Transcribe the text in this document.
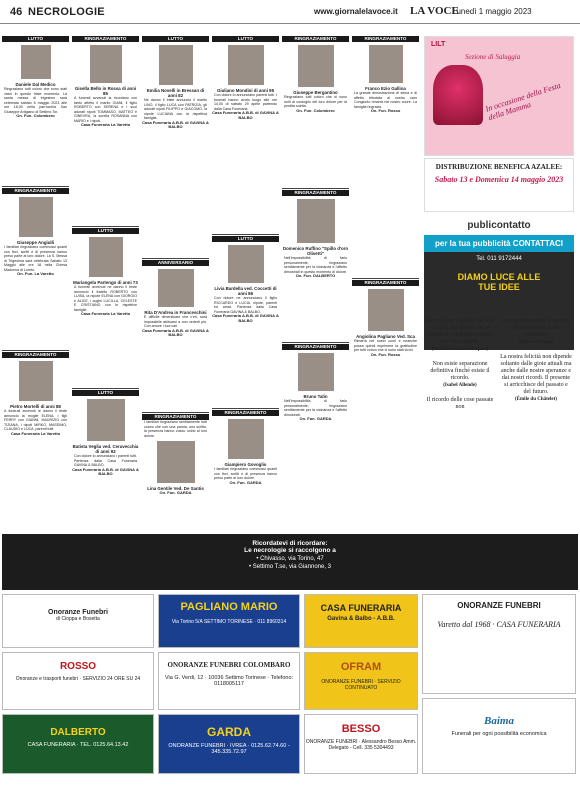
46 NECROLOGIE	www.giornalelavoce.it LA VOCE
Lunedì 1 maggio 2023
LUTTO
Daniele Dal Medico
Ringraziano tutti coloro che sono stati vicini in questo triste momento. La santa messa di trigesimo sarà celebrata sabato 6 maggio 2023 alle ore 18,00 nella parrocchia San Giuseppe Artigiano di Settimo Tor.
On. Fun. Colombero
RINGRAZIAMENTO
Giuseppe Angiulli
I familiari ringraziano commossi quanti con fiori, scritti e di presenza hanno preso parte al loro dolore. La S. Messa di Trigesima sarà celebrata Sabato 13 Maggio alle ore 18 nella Chiesa Madonna di Loreto.
On. Fun. La Varetto
RINGRAZIAMENTO
Pietro Mortelli di anni 88
A funerali avvenuti le danno il triste annuncio la moglie ELENA, i figli FERRY con GIANNI, MAURIZIO con TIZIANA, i nipoti MIRKO, MASSIMO, CLAUDIO e LUCA, parenti tutti.
Casa Funeraria La Varetto
RINGRAZIAMENTO
Gisella Bello in Rossa di anni 85
A funerali avvenuti la ricordano con tanto affetto il marito GIANI, il figlio ROBERTO con SERENA e i suoi adorati nipoti TOMMASO, MATTEO e GINEVRA, la sorella ROSANNA con MARIO e i nipoti.
Casa Funeraria La Varetto
LUTTO
Mariangela Partengo di anni 73
A funerali avvenuti ne danno il triste annuncio il fratello ROBERTO con LUISA, la nipote ELENA con GIORGIO e ALICE, i cugini LUCILLA, CELESTE E CRISTIANO con le rispettive famiglie.
Casa Funeraria La Varetto
LUTTO
Batista Veglia ved. Ceravecchia di anni 93
Con dolore lo annunciano i parenti tutti. Partenza dalla Casa Funeraria GAVINA & BALBO.
Casa Funeraria A.B.B. di GAVINA & BALBO
LUTTO
Emilia Novelli in Bressan di anni 82
Ne danno il triste annuncio il marito LINO, il figlio LUCA con PATRIZIA, gli adorati nipoti FILIPPO e GIACOMO, la nipote LUCIANA con la rispettiva famiglia.
Casa Funeraria A.B.B. di GAVINA & BALBO
ANNIVERSARIO
Rita D'Andrea in Franceschini
È difficile dimenticare che c'eri, sarà impossibile abituarsi a non vederti più. Con amore i tuoi cari.
Casa Funeraria A.B.B. di GAVINA & BALBO
RINGRAZIAMENTO
I familiari ringraziano sentitamente tutti coloro che con una parola, uno scritto, la presenza hanno voluto unirsi al loro dolore.
Lina Gentile Ved. De Santis
On. Fun. GARDA
LUTTO
Giuliano Mondini di anni 95
Con dolore lo annunciano parenti tutti. I funerali hanno avuto luogo alle ore 14,00 di sabato 29 aprile partendo dalla Casa Funeraria.
Casa Funeraria A.B.B. di GAVINA & BALBO
LUTTO
Livia Bardella ved. Coccetti di anni 86
Con dolore ne annunciano il figlio RICCARDO e LUCIA, nipote, parenti ed amici. Partenza dalla Casa Funeraria GAVINA & BALBO.
Casa Funeraria A.B.B. di GAVINA & BALBO
RINGRAZIAMENTO
Giampiero Govoglio
I familiari ringraziano commossi quanti con fiori, scritti e di presenza hanno preso parte al loro dolore.
On. Fun. GARDA
RINGRAZIAMENTO
Giuseppe Bergantino
Ringraziano tutti coloro che si sono uniti al cordoglio del loro dolore per la perdita subita.
On. Fun. Colombero
RINGRAZIAMENTO
Domenico Ruffino "Spillo d'oro Olivetti"
Nell'impossibilità di farlo personalmente, ringraziano sentitamente per la vicinanza e l'affetto dimostrati in questo momento di dolore.
On. Fun. DALBERTO
RINGRAZIAMENTO
Bruno Talin
Nell'impossibilità di farlo personalmente, ringraziano sentitamente per la vicinanza e l'affetto dimostrati.
On. Fun. GARDA
RINGRAZIAMENTO
Franco Ezio Gallina
La grande dimostrazione di stima e di affetto tributata al nostro caro Congiunto rimarrà nel nostro cuore. La famiglia ringrazia.
On. Fun. Rosso
RINGRAZIAMENTO
Angiolina Pagliano Ved. Sca
Rimarrà nei nostri cuori e neanche possa quindi esprimere la gratitudine per tutti coloro che ci sono stati vicini.
On. Fun. Rosso
LILT
Sezione di Saluggia
In occasione della Festa della Mamma
DISTRIBUZIONE BENEFICA AZALEE:
Sabato 13 e Domenica 14 maggio 2023
publicontatto
per la tua pubblicità CONTATTACI
Tel. 011 9172444
DIAMO LUCE ALLE TUE IDEE
La vita non è quella che si è vissuta, ma quella che si ricorda e come la si ricorda per raccontarla.
(Gabriel García Márquez)
Non esiste separazione definitiva finché esiste il ricordo.
(Isabel Allende)
Il ricordo delle cose passate non
è necessariamente il ricordo di come siano state veramente.
(Marcel Proust)
La nostra felicità non dipende soltanto dalle gioie attuali ma anche dalle nostre speranze e dai nostri ricordi. Il presente si arricchisce del passato e del futuro.
(Émile du Châtelet)
Ricordatevi di ricordare:
Le necrologie si raccolgono a
• Chivasso, via Torino, 47
• Settimo T.se, via Giannone, 3
Onoranze Funebri
di Cioppa e Bosetta
PAGLIANO MARIO
Via Torino 5/A SETTIMO TORINESE · 011 8960314
CASA FUNERARIA
Gavina & Balbo - A.B.B.
ONORANZE FUNEBRI
Varetto dal 1968 · CASA FUNERARIA
ROSSO
Onoranze e trasporti funebri · SERVIZIO 24 ORE SU 24
ONORANZE FUNEBRI COLOMBARO
Via G. Verdi, 12 · 10036 Settimo Torinese · Telefono: 0118005117
OFRAM
ONORANZE FUNEBRI · SERVIZIO CONTINUATO
DALBERTO
CASA FUNERARIA · TEL. 0125.64.13.42
GARDA
ONORANZE FUNEBRI · IVREA · 0125.62.74.60 - 345.335.72.97
BESSO
ONORANZE FUNEBRI · Alessandro Besso Amm. Delegato - Cell. 335 5304493
Baima
Funerali per ogni possibilità economica
